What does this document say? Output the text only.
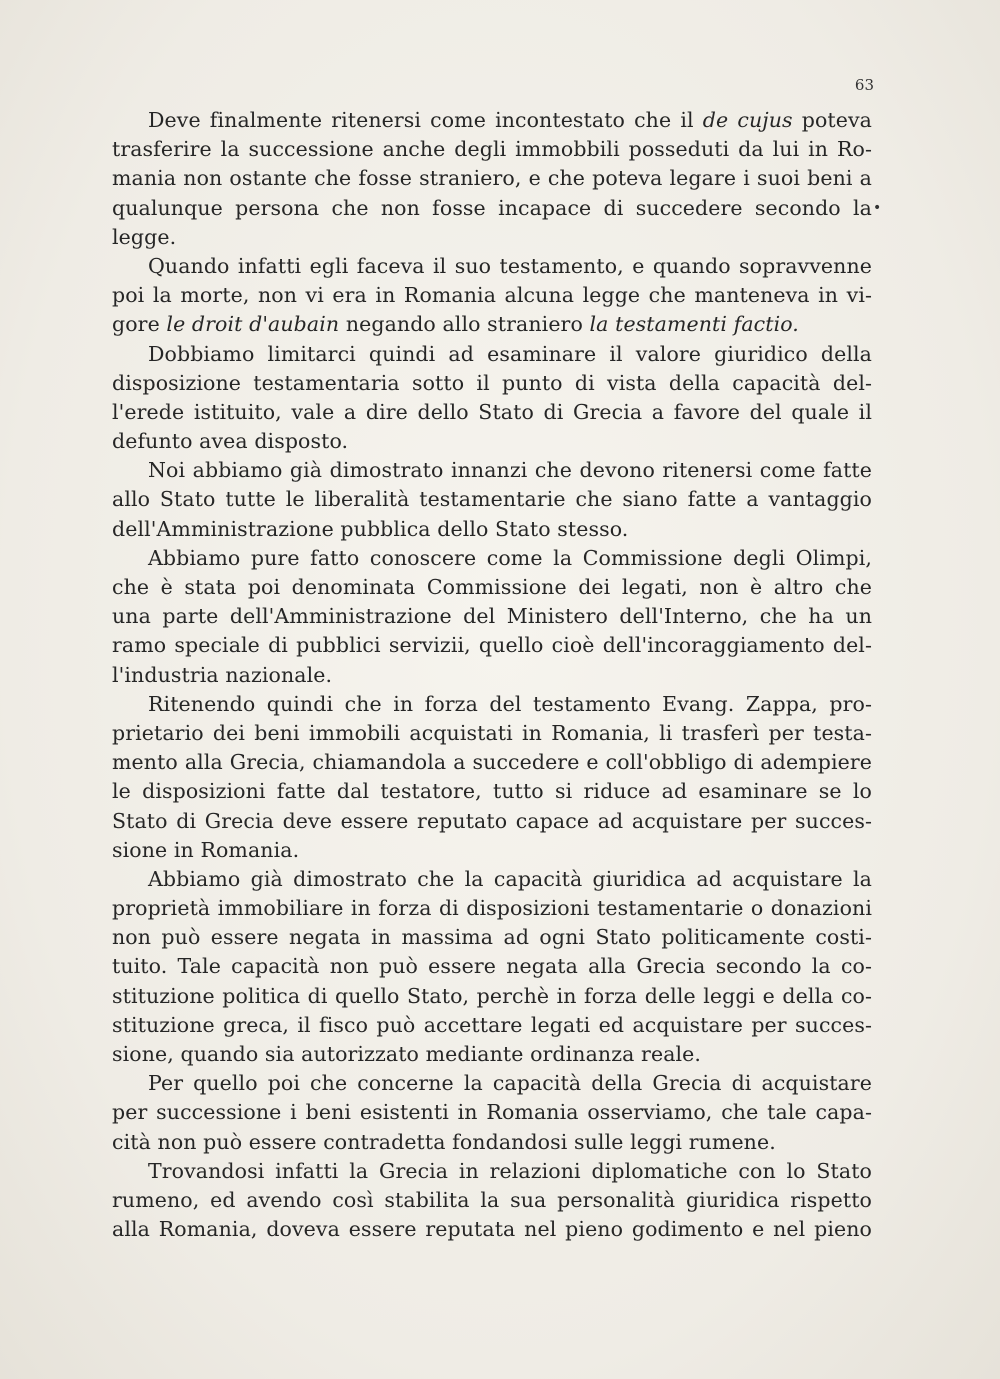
63
•
Deve finalmente ritenersi come incontestato che il de cujus poteva
trasferire la successione anche degli immobbili posseduti da lui in Ro-
mania non ostante che fosse straniero, e che poteva legare i suoi beni a
qualunque persona che non fosse incapace di succedere secondo la
legge.
Quando infatti egli faceva il suo testamento, e quando sopravvenne
poi la morte, non vi era in Romania alcuna legge che manteneva in vi-
gore le droit d'aubain negando allo straniero la testamenti factio.
Dobbiamo limitarci quindi ad esaminare il valore giuridico della
disposizione testamentaria sotto il punto di vista della capacità del-
l'erede istituito, vale a dire dello Stato di Grecia a favore del quale il
defunto avea disposto.
Noi abbiamo già dimostrato innanzi che devono ritenersi come fatte
allo Stato tutte le liberalità testamentarie che siano fatte a vantaggio
dell'Amministrazione pubblica dello Stato stesso.
Abbiamo pure fatto conoscere come la Commissione degli Olimpi,
che è stata poi denominata Commissione dei legati, non è altro che
una parte dell'Amministrazione del Ministero dell'Interno, che ha un
ramo speciale di pubblici servizii, quello cioè dell'incoraggiamento del-
l'industria nazionale.
Ritenendo quindi che in forza del testamento Evang. Zappa, pro-
prietario dei beni immobili acquistati in Romania, li trasferì per testa-
mento alla Grecia, chiamandola a succedere e coll'obbligo di adempiere
le disposizioni fatte dal testatore, tutto si riduce ad esaminare se lo
Stato di Grecia deve essere reputato capace ad acquistare per succes-
sione in Romania.
Abbiamo già dimostrato che la capacità giuridica ad acquistare la
proprietà immobiliare in forza di disposizioni testamentarie o donazioni
non può essere negata in massima ad ogni Stato politicamente costi-
tuito. Tale capacità non può essere negata alla Grecia secondo la co-
stituzione politica di quello Stato, perchè in forza delle leggi e della co-
stituzione greca, il fisco può accettare legati ed acquistare per succes-
sione, quando sia autorizzato mediante ordinanza reale.
Per quello poi che concerne la capacità della Grecia di acquistare
per successione i beni esistenti in Romania osserviamo, che tale capa-
cità non può essere contradetta fondandosi sulle leggi rumene.
Trovandosi infatti la Grecia in relazioni diplomatiche con lo Stato
rumeno, ed avendo così stabilita la sua personalità giuridica rispetto
alla Romania, doveva essere reputata nel pieno godimento e nel pieno
